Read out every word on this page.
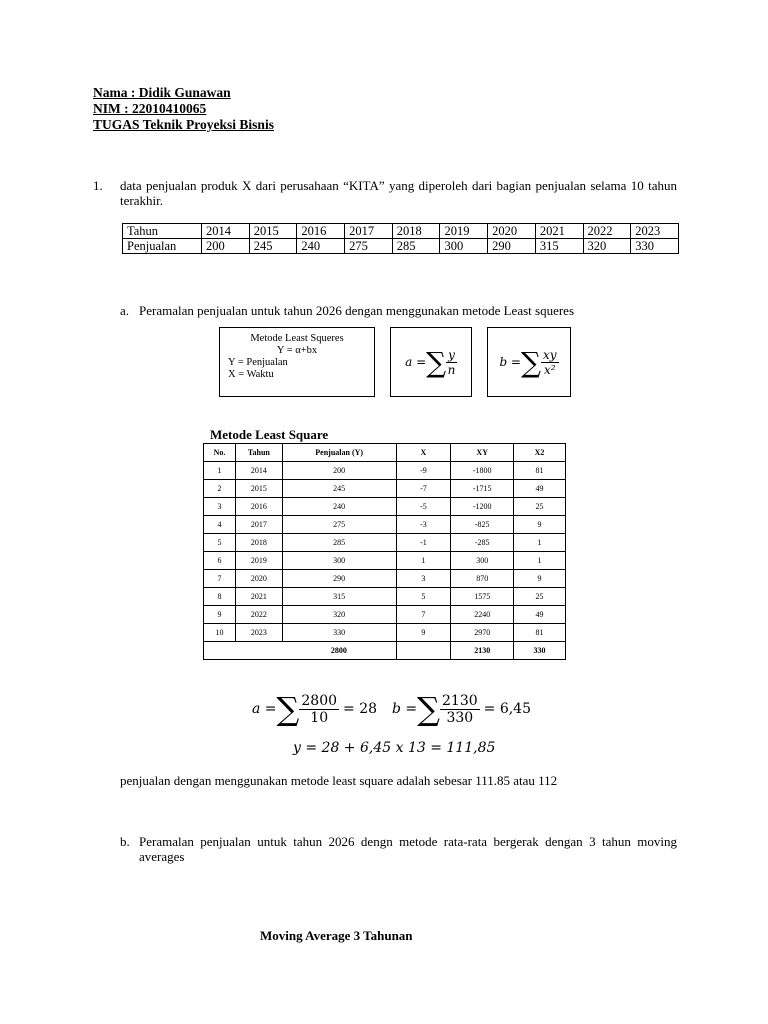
Nama : Didik Gunawan
NIM : 22010410065
TUGAS Teknik Proyeksi Bisnis
1. data penjualan produk X dari perusahaan “KITA” yang diperoleh dari bagian penjualan selama 10 tahun terakhir.
Tahun	2014	2015	2016	2017	2018	2019	2020	2021	2022	2023
Penjualan	200	245	240	275	285	300	290	315	320	330
a. Peramalan penjualan untuk tahun 2026 dengan menggunakan metode Least squeres
Metode Least Squeres
Y = α+bx
Y = Penjualan
X = Waktu
a = ∑ $\frac{y}{n}$	b = ∑ $\frac{xy}{\text{x²}}$
Metode Least Square
No.	Tahun	Penjualan (Y)	X	XY	X2
1	2014	200	-9	-1800	81
2	2015	245	-7	-1715	49
3	2016	240	-5	-1200	25
4	2017	275	-3	-825	9
5	2018	285	-1	-285	1
6	2019	300	1	300	1
7	2020	290	3	870	9
8	2021	315	5	1575	25
9	2022	320	7	2240	49
10	2023	330	9	2970	81
		2800		2130	330
a = ∑ $\frac{2800}{10} = 28$ b = ∑ $\frac{2130}{330} = 6,45$
y = 28 + 6,45 x 13 = 111,85
penjualan dengan menggunakan metode least square adalah sebesar 111.85 atau 112
b. Peramalan penjualan untuk tahun 2026 dengn metode rata-rata bergerak dengan 3 tahun moving averages
Moving Average 3 Tahunan
